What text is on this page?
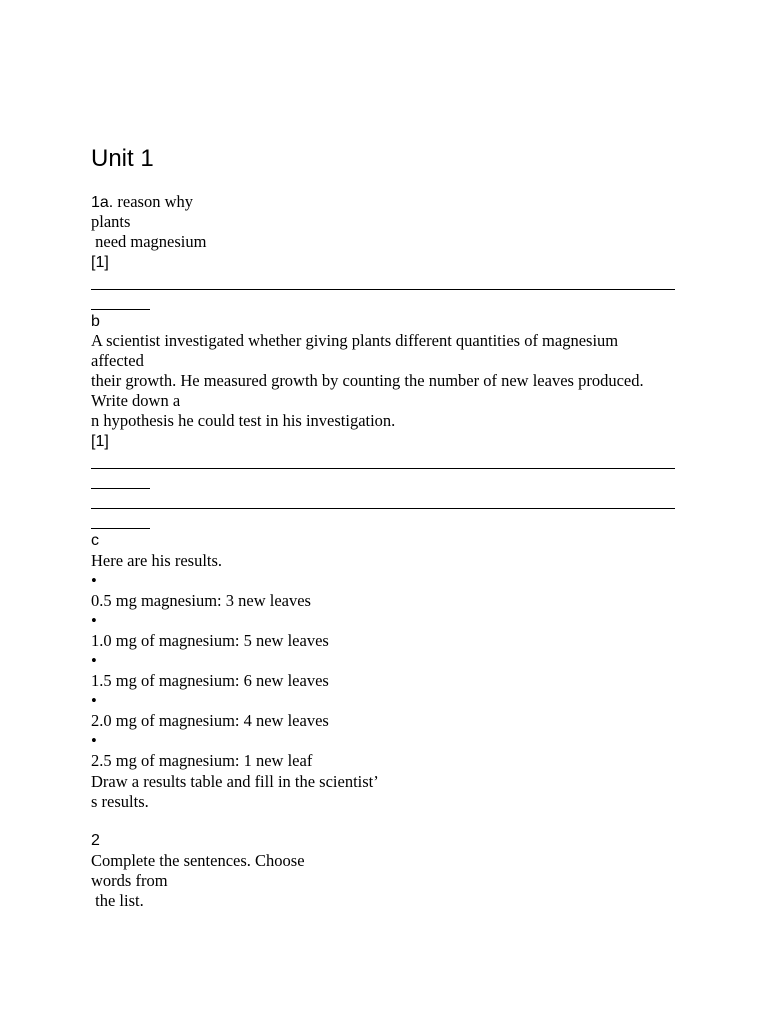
Unit 1
1a. reason why
plants
need magnesium
[1]
b
A scientist investigated whether giving plants different quantities of magnesium
affected
their growth. He measured growth by counting the number of new leaves produced.
Write down a
n hypothesis he could test in his investigation.
[1]
c
Here are his results.
•
0.5 mg magnesium: 3 new leaves
•
1.0 mg of magnesium: 5 new leaves
•
1.5 mg of magnesium: 6 new leaves
•
2.0 mg of magnesium: 4 new leaves
•
2.5 mg of magnesium: 1 new leaf
Draw a results table and fill in the scientist’
s results.
2
Complete the sentences. Choose
words from
the list.
